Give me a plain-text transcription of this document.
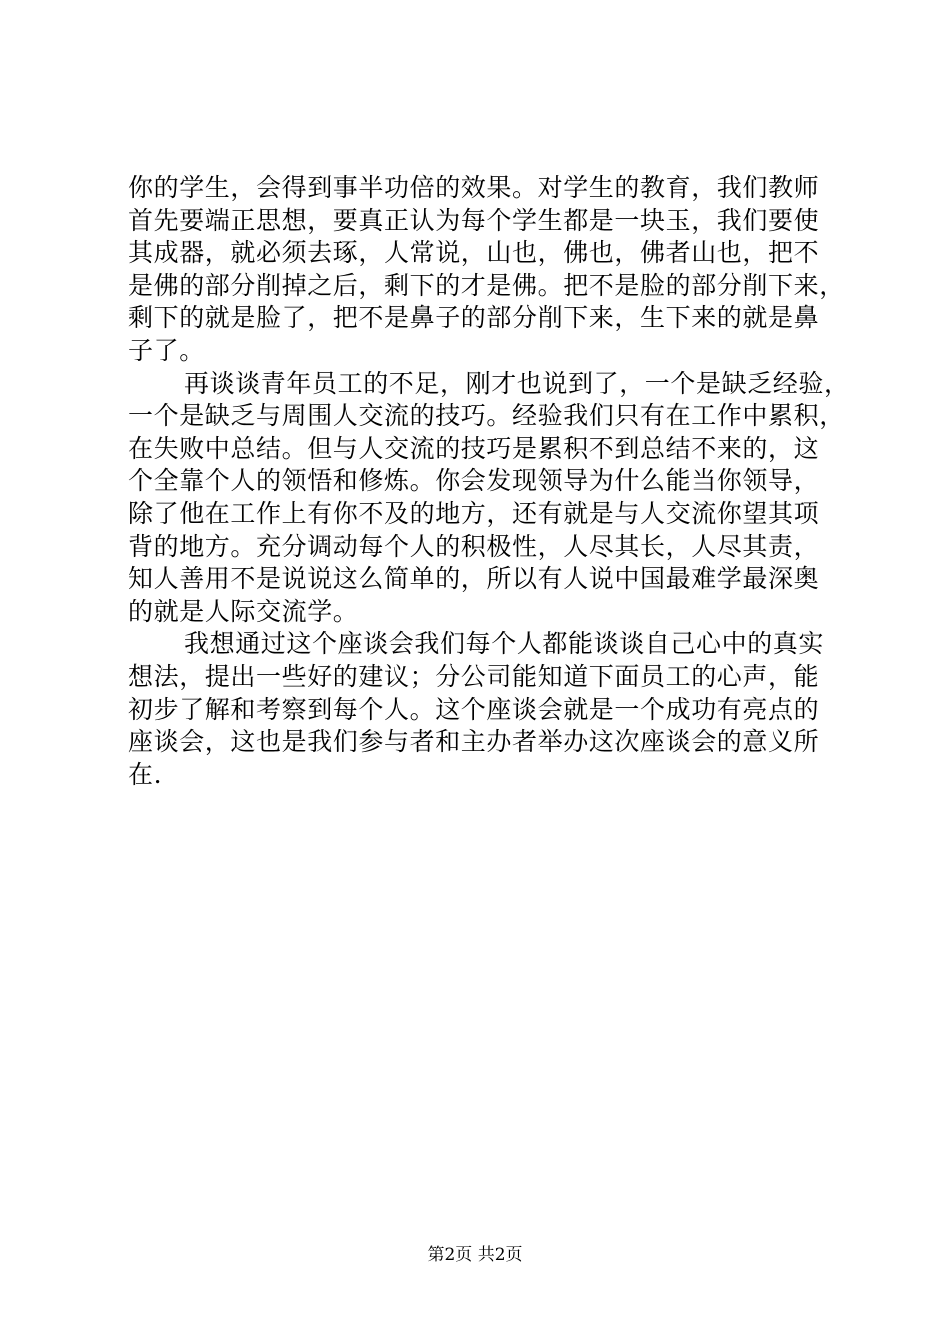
你的学生，会得到事半功倍的效果。对学生的教育，我们教师
首先要端正思想，要真正认为每个学生都是一块玉，我们要使
其成器，就必须去琢，人常说，山也，佛也，佛者山也，把不
是佛的部分削掉之后，剩下的才是佛。把不是脸的部分削下来，
剩下的就是脸了，把不是鼻子的部分削下来，生下来的就是鼻
子了。
再谈谈青年员工的不足，刚才也说到了，一个是缺乏经验，
一个是缺乏与周围人交流的技巧。经验我们只有在工作中累积，
在失败中总结。但与人交流的技巧是累积不到总结不来的，这
个全靠个人的领悟和修炼。你会发现领导为什么能当你领导，
除了他在工作上有你不及的地方，还有就是与人交流你望其项
背的地方。充分调动每个人的积极性，人尽其长，人尽其责，
知人善用不是说说这么简单的，所以有人说中国最难学最深奥
的就是人际交流学。
我想通过这个座谈会我们每个人都能谈谈自己心中的真实
想法，提出一些好的建议；分公司能知道下面员工的心声，能
初步了解和考察到每个人。这个座谈会就是一个成功有亮点的
座谈会，这也是我们参与者和主办者举办这次座谈会的意义所
在.
第2页 共2页
